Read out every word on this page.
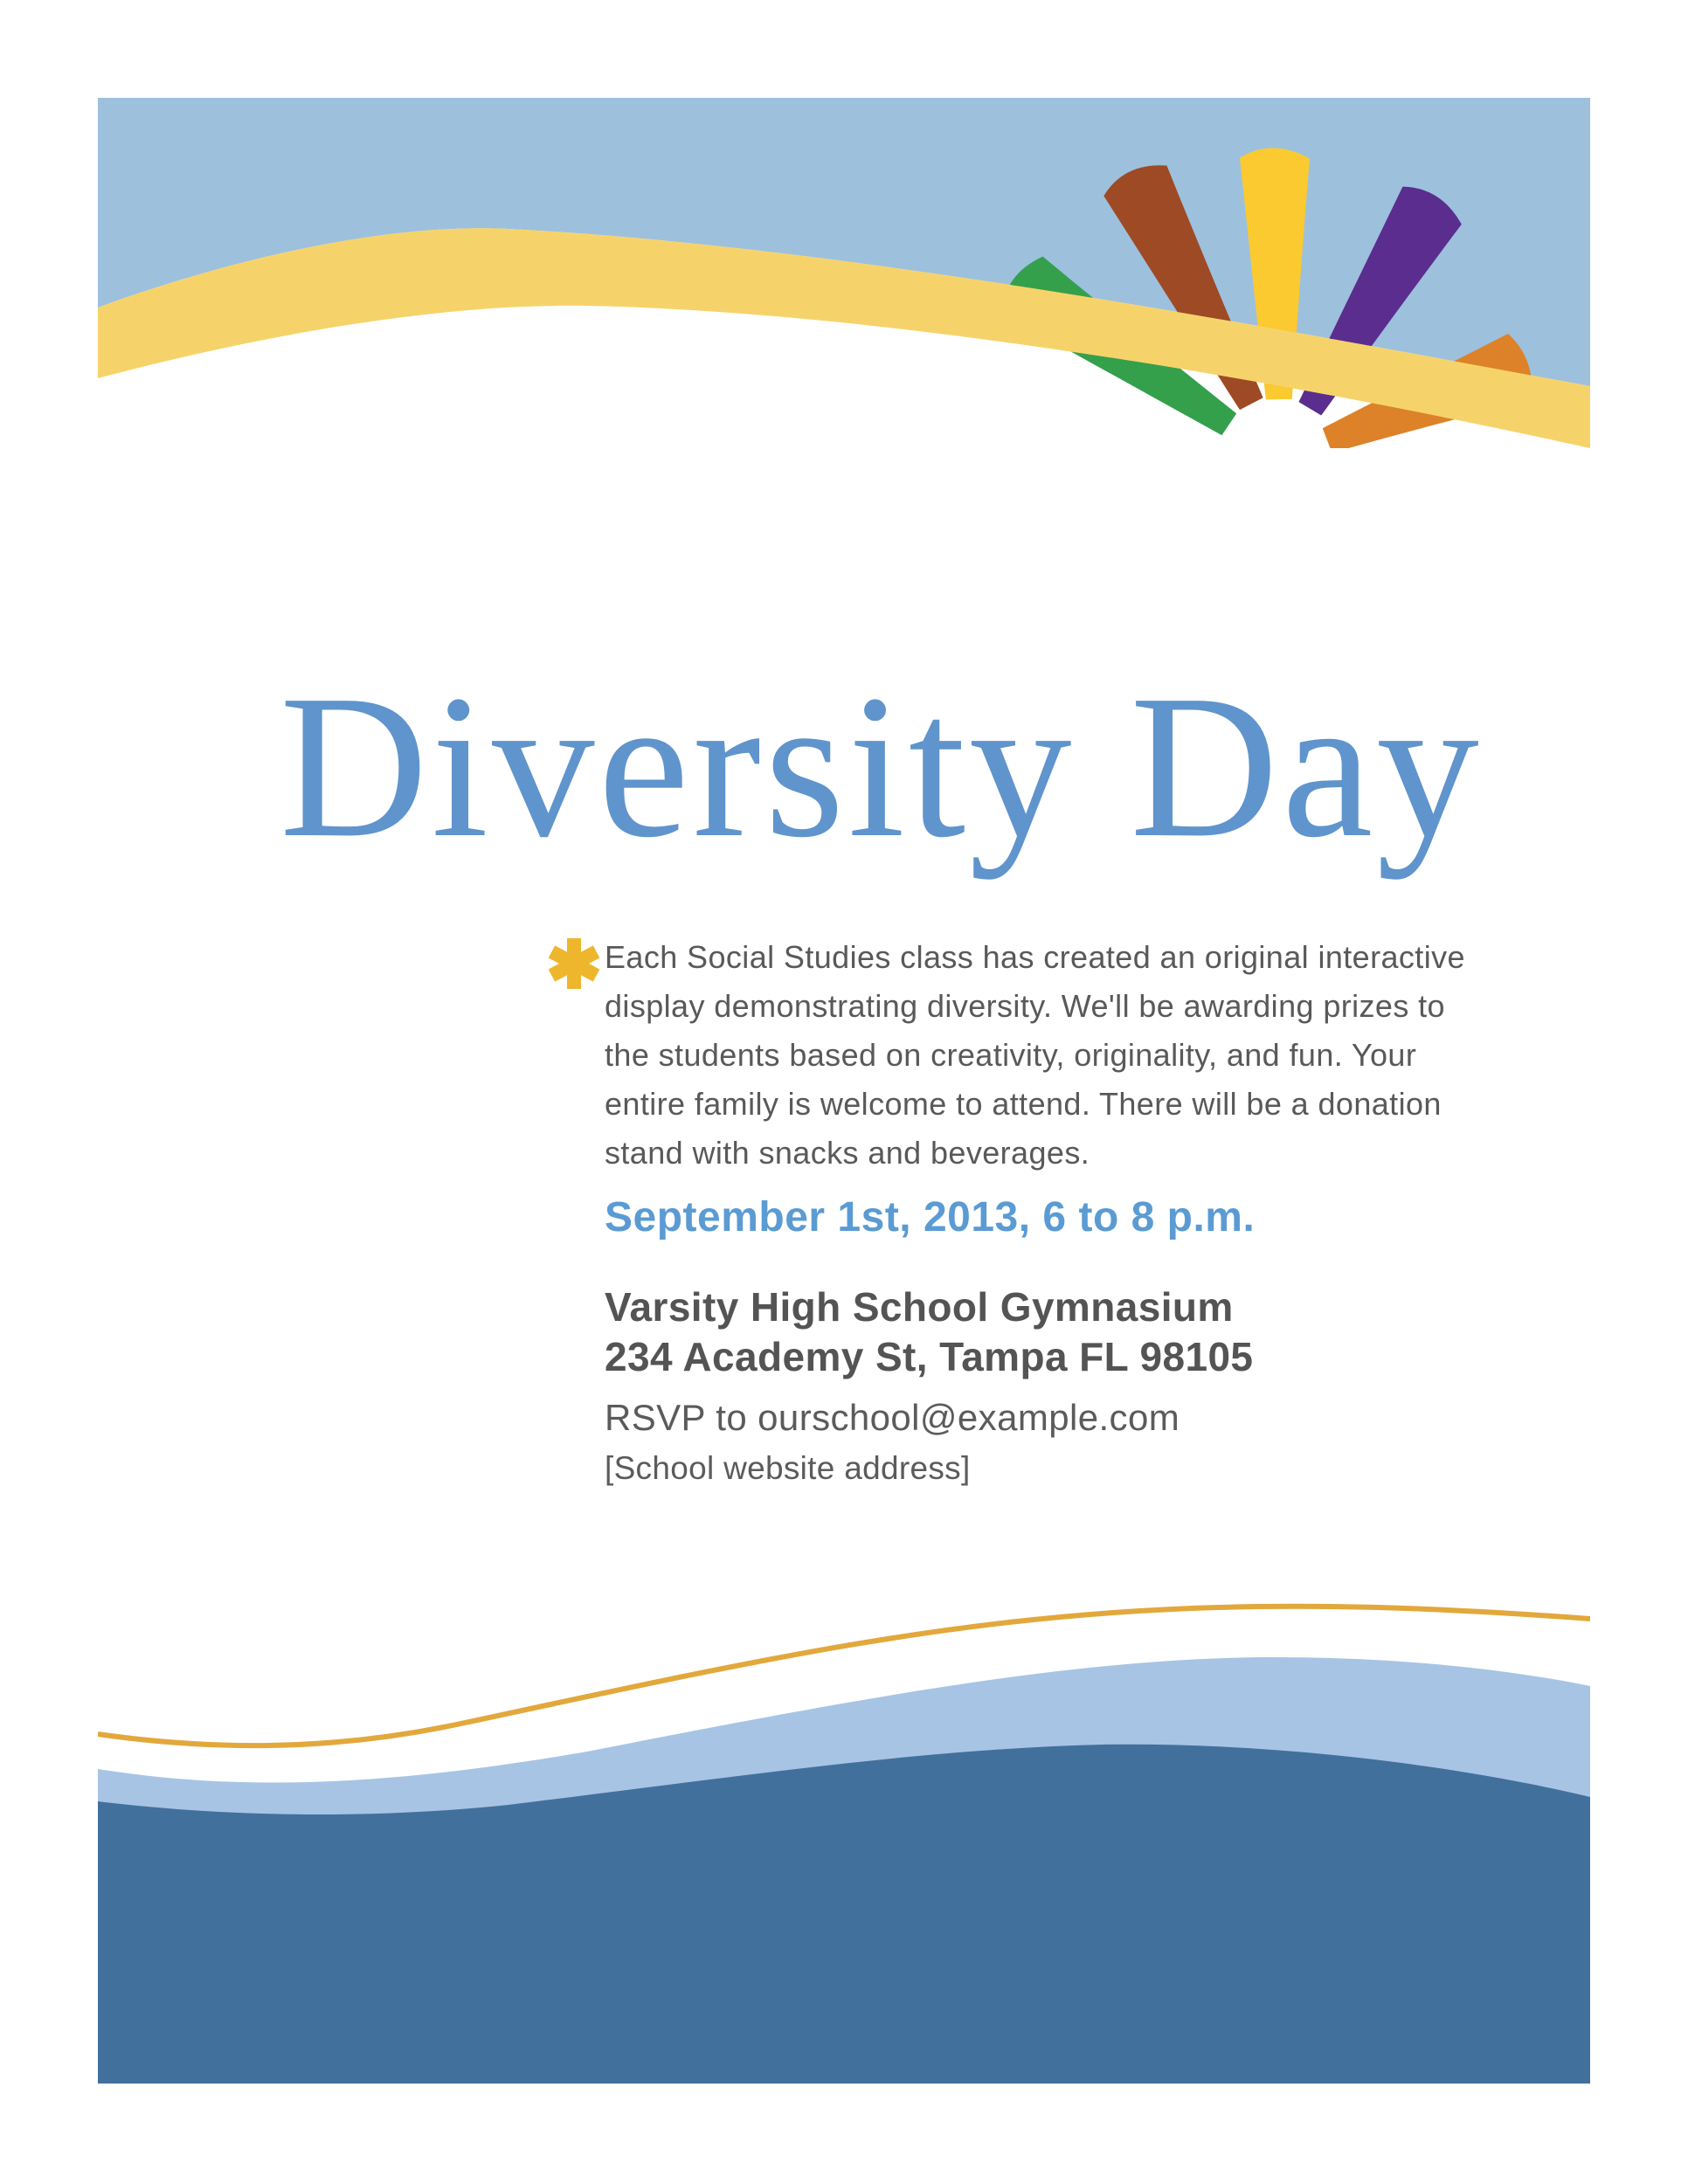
Diversity Day
Each Social Studies class has created an original interactive
display demonstrating diversity. We'll be awarding prizes to
the students based on creativity, originality, and fun. Your
entire family is welcome to attend. There will be a donation
stand with snacks and beverages.
September 1st, 2013, 6 to 8 p.m.
Varsity High School Gymnasium
234 Academy St, Tampa FL 98105
RSVP to ourschool@example.com
[School website address]
